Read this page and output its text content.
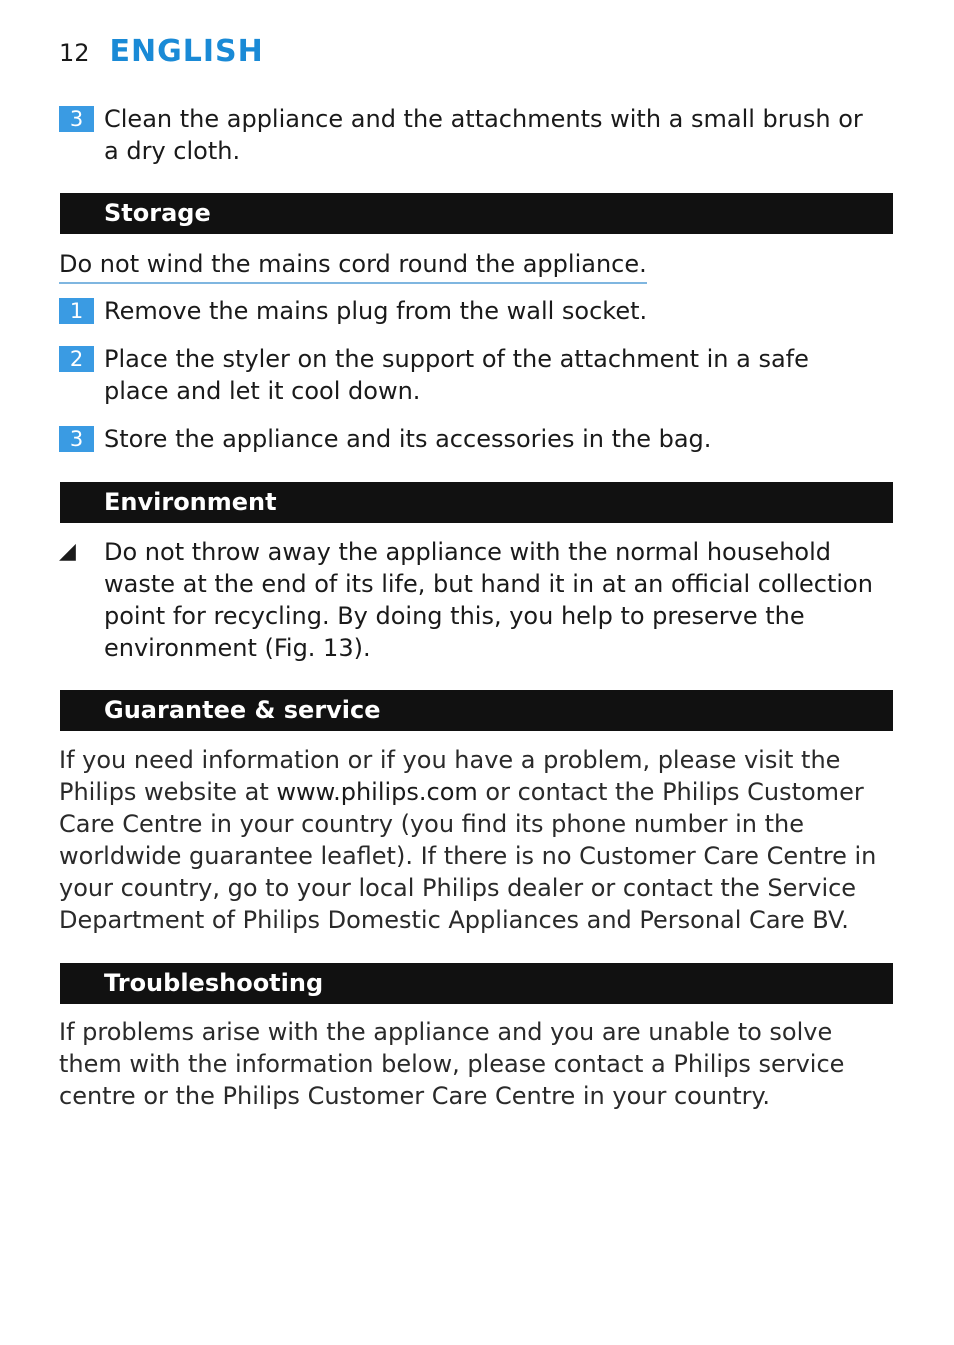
12 ENGLISH
3 Clean the appliance and the attachments with a small brush or a dry cloth.
Storage
Do not wind the mains cord round the appliance.
1 Remove the mains plug from the wall socket.
2 Place the styler on the support of the attachment in a safe place and let it cool down.
3 Store the appliance and its accessories in the bag.
Environment
◢	Do not throw away the appliance with the normal household waste at the end of its life, but hand it in at an official collection point for recycling. By doing this, you help to preserve the environment (Fig. 13).
Guarantee & service
If you need information or if you have a problem, please visit the Philips website at www.philips.com or contact the Philips Customer Care Centre in your country (you find its phone number in the worldwide guarantee leaflet). If there is no Customer Care Centre in your country, go to your local Philips dealer or contact the Service Department of Philips Domestic Appliances and Personal Care BV.
Troubleshooting
If problems arise with the appliance and you are unable to solve them with the information below, please contact a Philips service centre or the Philips Customer Care Centre in your country.
